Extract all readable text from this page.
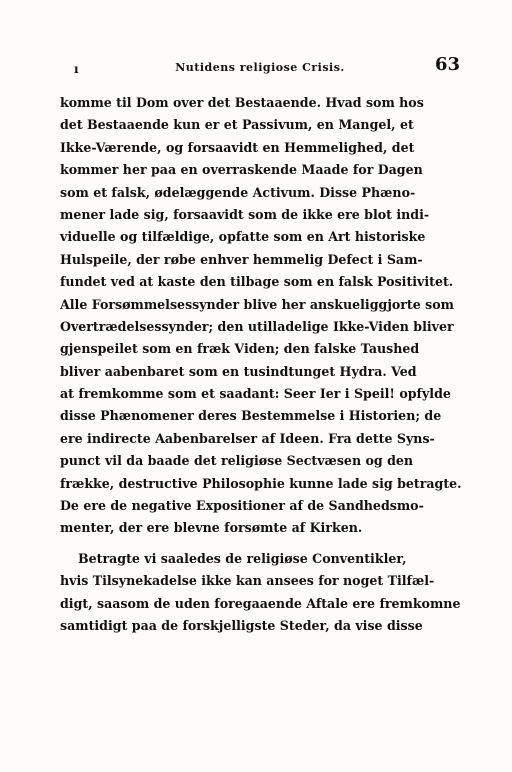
ı	Nutidens religiose Crisis.	63
komme til Dom over det Bestaaende. Hvad som hos
det Bestaaende kun er et Passivum, en Mangel, et
Ikke-Værende, og forsaavidt en Hemmelighed, det
kommer her paa en overraskende Maade for Dagen
som et falsk, ødelæggende Activum. Disse Phæno-
mener lade sig, forsaavidt som de ikke ere blot indi-
viduelle og tilfældige, opfatte som en Art historiske
Hulspeile, der røbe enhver hemmelig Defect i Sam-
fundet ved at kaste den tilbage som en falsk Positivitet.
Alle Forsømmelsessynder blive her anskueliggjorte som
Overtrædelsessynder; den utilladelige Ikke-Viden bliver
gjenspeilet som en fræk Viden; den falske Taushed
bliver aabenbaret som en tusindtunget Hydra. Ved
at fremkomme som et saadant: Seer Ier i Speil! opfylde
disse Phænomener deres Bestemmelse i Historien; de
ere indirecte Aabenbarelser af Ideen. Fra dette Syns-
punct vil da baade det religiøse Sectvæsen og den
frække, destructive Philosophie kunne lade sig betragte.
De ere de negative Expositioner af de Sandhedsmo-
menter, der ere blevne forsømte af Kirken.
Betragte vi saaledes de religiøse Conventikler,
hvis Tilsynekadelse ikke kan ansees for noget Tilfæl-
digt, saasom de uden foregaaende Aftale ere fremkomne
samtidigt paa de forskjelligste Steder, da vise disse
